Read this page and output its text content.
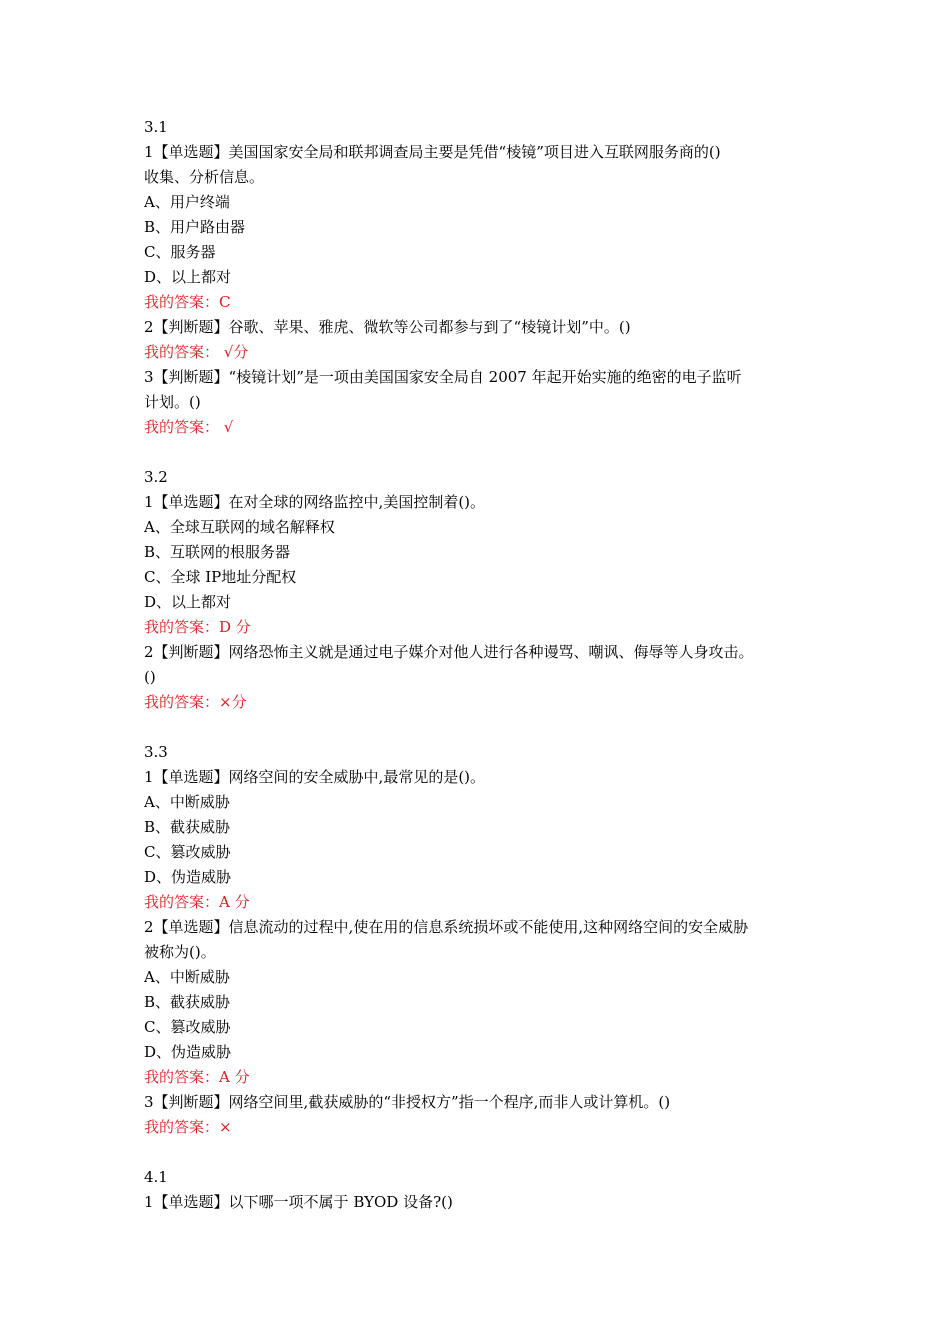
3.1
1【单选题】美国国家安全局和联邦调查局主要是凭借“棱镜”项目进入互联网服务商的()
收集、分析信息。
A、用户终端
B、用户路由器
C、服务器
D、以上都对
我的答案：C
2【判断题】谷歌、苹果、雅虎、微软等公司都参与到了“棱镜计划”中。()
我的答案： √分
3【判断题】“棱镜计划”是一项由美国国家安全局自 2007 年起开始实施的绝密的电子监听
计划。()
我的答案： √
3.2
1【单选题】在对全球的网络监控中,美国控制着()。
A、全球互联网的域名解释权
B、互联网的根服务器
C、全球 IP地址分配权
D、以上都对
我的答案：D 分
2【判断题】网络恐怖主义就是通过电子媒介对他人进行各种谩骂、嘲讽、侮辱等人身攻击。
()
我的答案：×分
3.3
1【单选题】网络空间的安全威胁中,最常见的是()。
A、中断威胁
B、截获威胁
C、篡改威胁
D、伪造威胁
我的答案：A 分
2【单选题】信息流动的过程中,使在用的信息系统损坏或不能使用,这种网络空间的安全威胁
被称为()。
A、中断威胁
B、截获威胁
C、篡改威胁
D、伪造威胁
我的答案：A 分
3【判断题】网络空间里,截获威胁的“非授权方”指一个程序,而非人或计算机。()
我的答案：×
4.1
1【单选题】以下哪一项不属于 BYOD 设备?()
